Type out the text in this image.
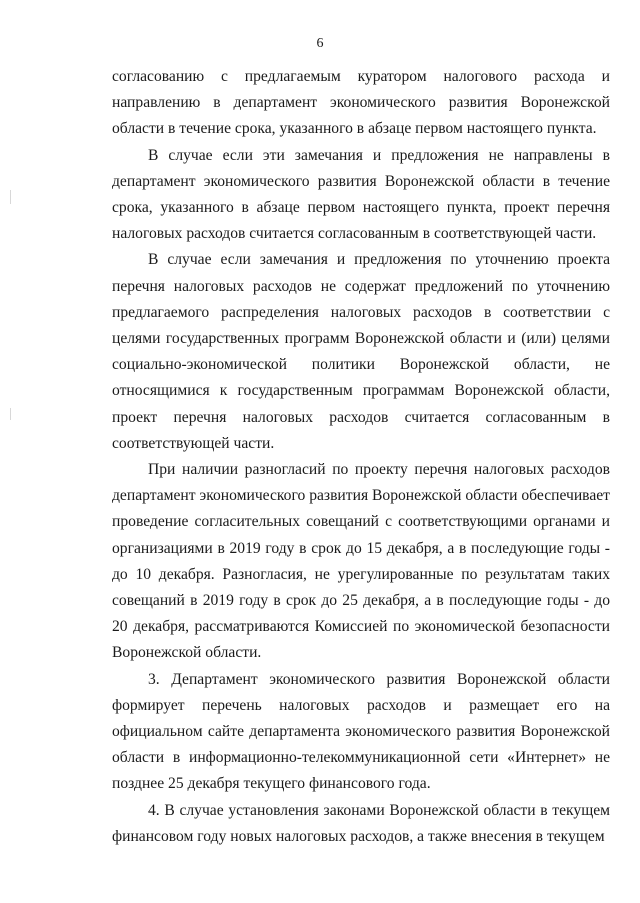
6

согласованию с предлагаемым куратором налогового расхода и направлению в департамент экономического развития Воронежской области в течение срока, указанного в абзаце первом настоящего пункта.

В случае если эти замечания и предложения не направлены в департамент экономического развития Воронежской области в течение срока, указанного в абзаце первом настоящего пункта, проект перечня налоговых расходов считается согласованным в соответствующей части.

В случае если замечания и предложения по уточнению проекта перечня налоговых расходов не содержат предложений по уточнению предлагаемого распределения налоговых расходов в соответствии с целями государственных программ Воронежской области и (или) целями социально-экономической политики Воронежской области, не относящимися к государственным программам Воронежской области, проект перечня налоговых расходов считается согласованным в соответствующей части.

При наличии разногласий по проекту перечня налоговых расходов департамент экономического развития Воронежской области обеспечивает проведение согласительных совещаний с соответствующими органами и организациями в 2019 году в срок до 15 декабря, а в последующие годы - до 10 декабря. Разногласия, не урегулированные по результатам таких совещаний в 2019 году в срок до 25 декабря, а в последующие годы - до 20 декабря, рассматриваются Комиссией по экономической безопасности Воронежской области.

3. Департамент экономического развития Воронежской области формирует перечень налоговых расходов и размещает его на официальном сайте департамента экономического развития Воронежской области в информационно-телекоммуникационной сети «Интернет» не позднее 25 декабря текущего финансового года.

4. В случае установления законами Воронежской области в текущем финансовом году новых налоговых расходов, а также внесения в текущем
